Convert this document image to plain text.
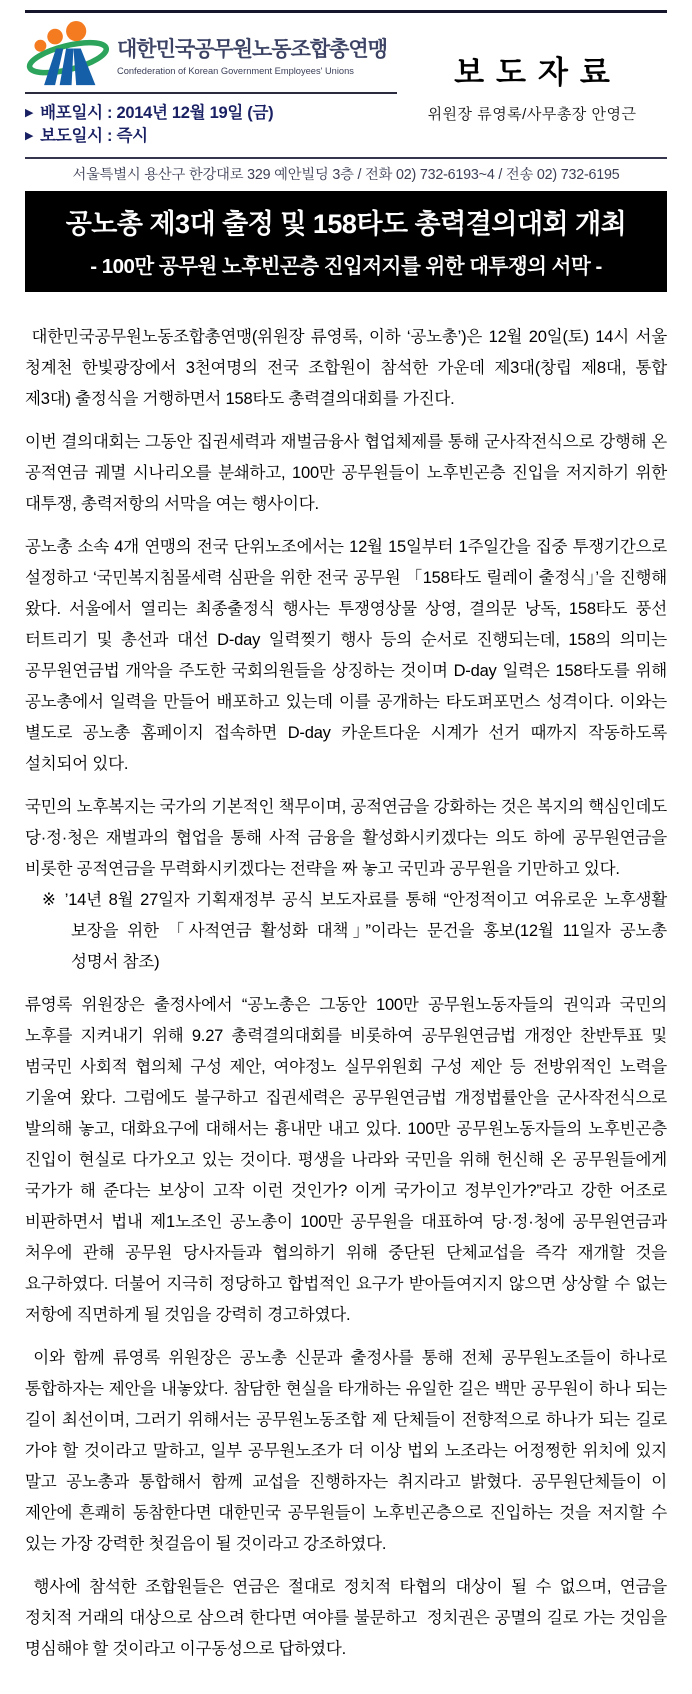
대한민국공무원노동조합총연맹
Confederation of Korean Government Employees' Unions
▶ 배포일시 : 2014년 12월 19일 (금)
▶ 보도일시 : 즉시
보도자료
위원장 류영록/사무총장 안영근
서울특별시 용산구 한강대로 329 예안빌딩 3층 / 전화 02) 732-6193~4 / 전송 02) 732-6195
공노총 제3대 출정 및 158타도 총력결의대회 개최
- 100만 공무원 노후빈곤층 진입저지를 위한 대투쟁의 서막 -
대한민국공무원노동조합총연맹(위원장 류영록, 이하 ‘공노총’)은 12월 20일(토) 14시 서울 청계천 한빛광장에서 3천여명의 전국 조합원이 참석한 가운데 제3대(창립 제8대, 통합 제3대) 출정식을 거행하면서 158타도 총력결의대회를 가진다.
이번 결의대회는 그동안 집권세력과 재벌금융사 협업체제를 통해 군사작전식으로 강행해 온 공적연금 궤멸 시나리오를 분쇄하고, 100만 공무원들이 노후빈곤층 진입을 저지하기 위한 대투쟁, 총력저항의 서막을 여는 행사이다.
공노총 소속 4개 연맹의 전국 단위노조에서는 12월 15일부터 1주일간을 집중 투쟁기간으로 설정하고 ‘국민복지침몰세력 심판을 위한 전국 공무원 「158타도 릴레이 출정식」’을 진행해 왔다. 서울에서 열리는 최종출정식 행사는 투쟁영상물 상영, 결의문 낭독, 158타도 풍선 터트리기 및 총선과 대선 D-day 일력찢기 행사 등의 순서로 진행되는데, 158의 의미는 공무원연금법 개악을 주도한 국회의원들을 상징하는 것이며 D-day 일력은 158타도를 위해 공노총에서 일력을 만들어 배포하고 있는데 이를 공개하는 타도퍼포먼스 성격이다. 이와는 별도로 공노총 홈페이지 접속하면 D-day 카운트다운 시계가 선거 때까지 작동하도록 설치되어 있다.
국민의 노후복지는 국가의 기본적인 책무이며, 공적연금을 강화하는 것은 복지의 핵심인데도 당·정·청은 재벌과의 협업을 통해 사적 금융을 활성화시키겠다는 의도 하에 공무원연금을 비롯한 공적연금을 무력화시키겠다는 전략을 짜 놓고 국민과 공무원을 기만하고 있다.
※ ’14년 8월 27일자 기획재정부 공식 보도자료를 통해 “안정적이고 여유로운 노후생활 보장을 위한 「사적연금 활성화 대책」”이라는 문건을 홍보(12월 11일자 공노총 성명서 참조)
류영록 위원장은 출정사에서 “공노총은 그동안 100만 공무원노동자들의 권익과 국민의 노후를 지켜내기 위해 9.27 총력결의대회를 비롯하여 공무원연금법 개정안 찬반투표 및 범국민 사회적 협의체 구성 제안, 여야정노 실무위원회 구성 제안 등 전방위적인 노력을 기울여 왔다. 그럼에도 불구하고 집권세력은 공무원연금법 개정법률안을 군사작전식으로 발의해 놓고, 대화요구에 대해서는 흉내만 내고 있다. 100만 공무원노동자들의 노후빈곤층 진입이 현실로 다가오고 있는 것이다. 평생을 나라와 국민을 위해 헌신해 온 공무원들에게 국가가 해 준다는 보상이 고작 이런 것인가? 이게 국가이고 정부인가?”라고 강한 어조로 비판하면서 법내 제1노조인 공노총이 100만 공무원을 대표하여 당·정·청에 공무원연금과 처우에 관해 공무원 당사자들과 협의하기 위해 중단된 단체교섭을 즉각 재개할 것을 요구하였다. 더불어 지극히 정당하고 합법적인 요구가 받아들여지지 않으면 상상할 수 없는 저항에 직면하게 될 것임을 강력히 경고하였다.
이와 함께 류영록 위원장은 공노총 신문과 출정사를 통해 전체 공무원노조들이 하나로 통합하자는 제안을 내놓았다. 참담한 현실을 타개하는 유일한 길은 백만 공무원이 하나 되는 길이 최선이며, 그러기 위해서는 공무원노동조합 제 단체들이 전향적으로 하나가 되는 길로 가야 할 것이라고 말하고, 일부 공무원노조가 더 이상 법외 노조라는 어정쩡한 위치에 있지 말고 공노총과 통합해서 함께 교섭을 진행하자는 취지라고 밝혔다. 공무원단체들이 이 제안에 흔쾌히 동참한다면 대한민국 공무원들이 노후빈곤층으로 진입하는 것을 저지할 수 있는 가장 강력한 첫걸음이 될 것이라고 강조하였다.
행사에 참석한 조합원들은 연금은 절대로 정치적 타협의 대상이 될 수 없으며, 연금을 정치적 거래의 대상으로 삼으려 한다면 여야를 불문하고  정치권은 공멸의 길로 가는 것임을 명심해야 할 것이라고 이구동성으로 답하였다.
